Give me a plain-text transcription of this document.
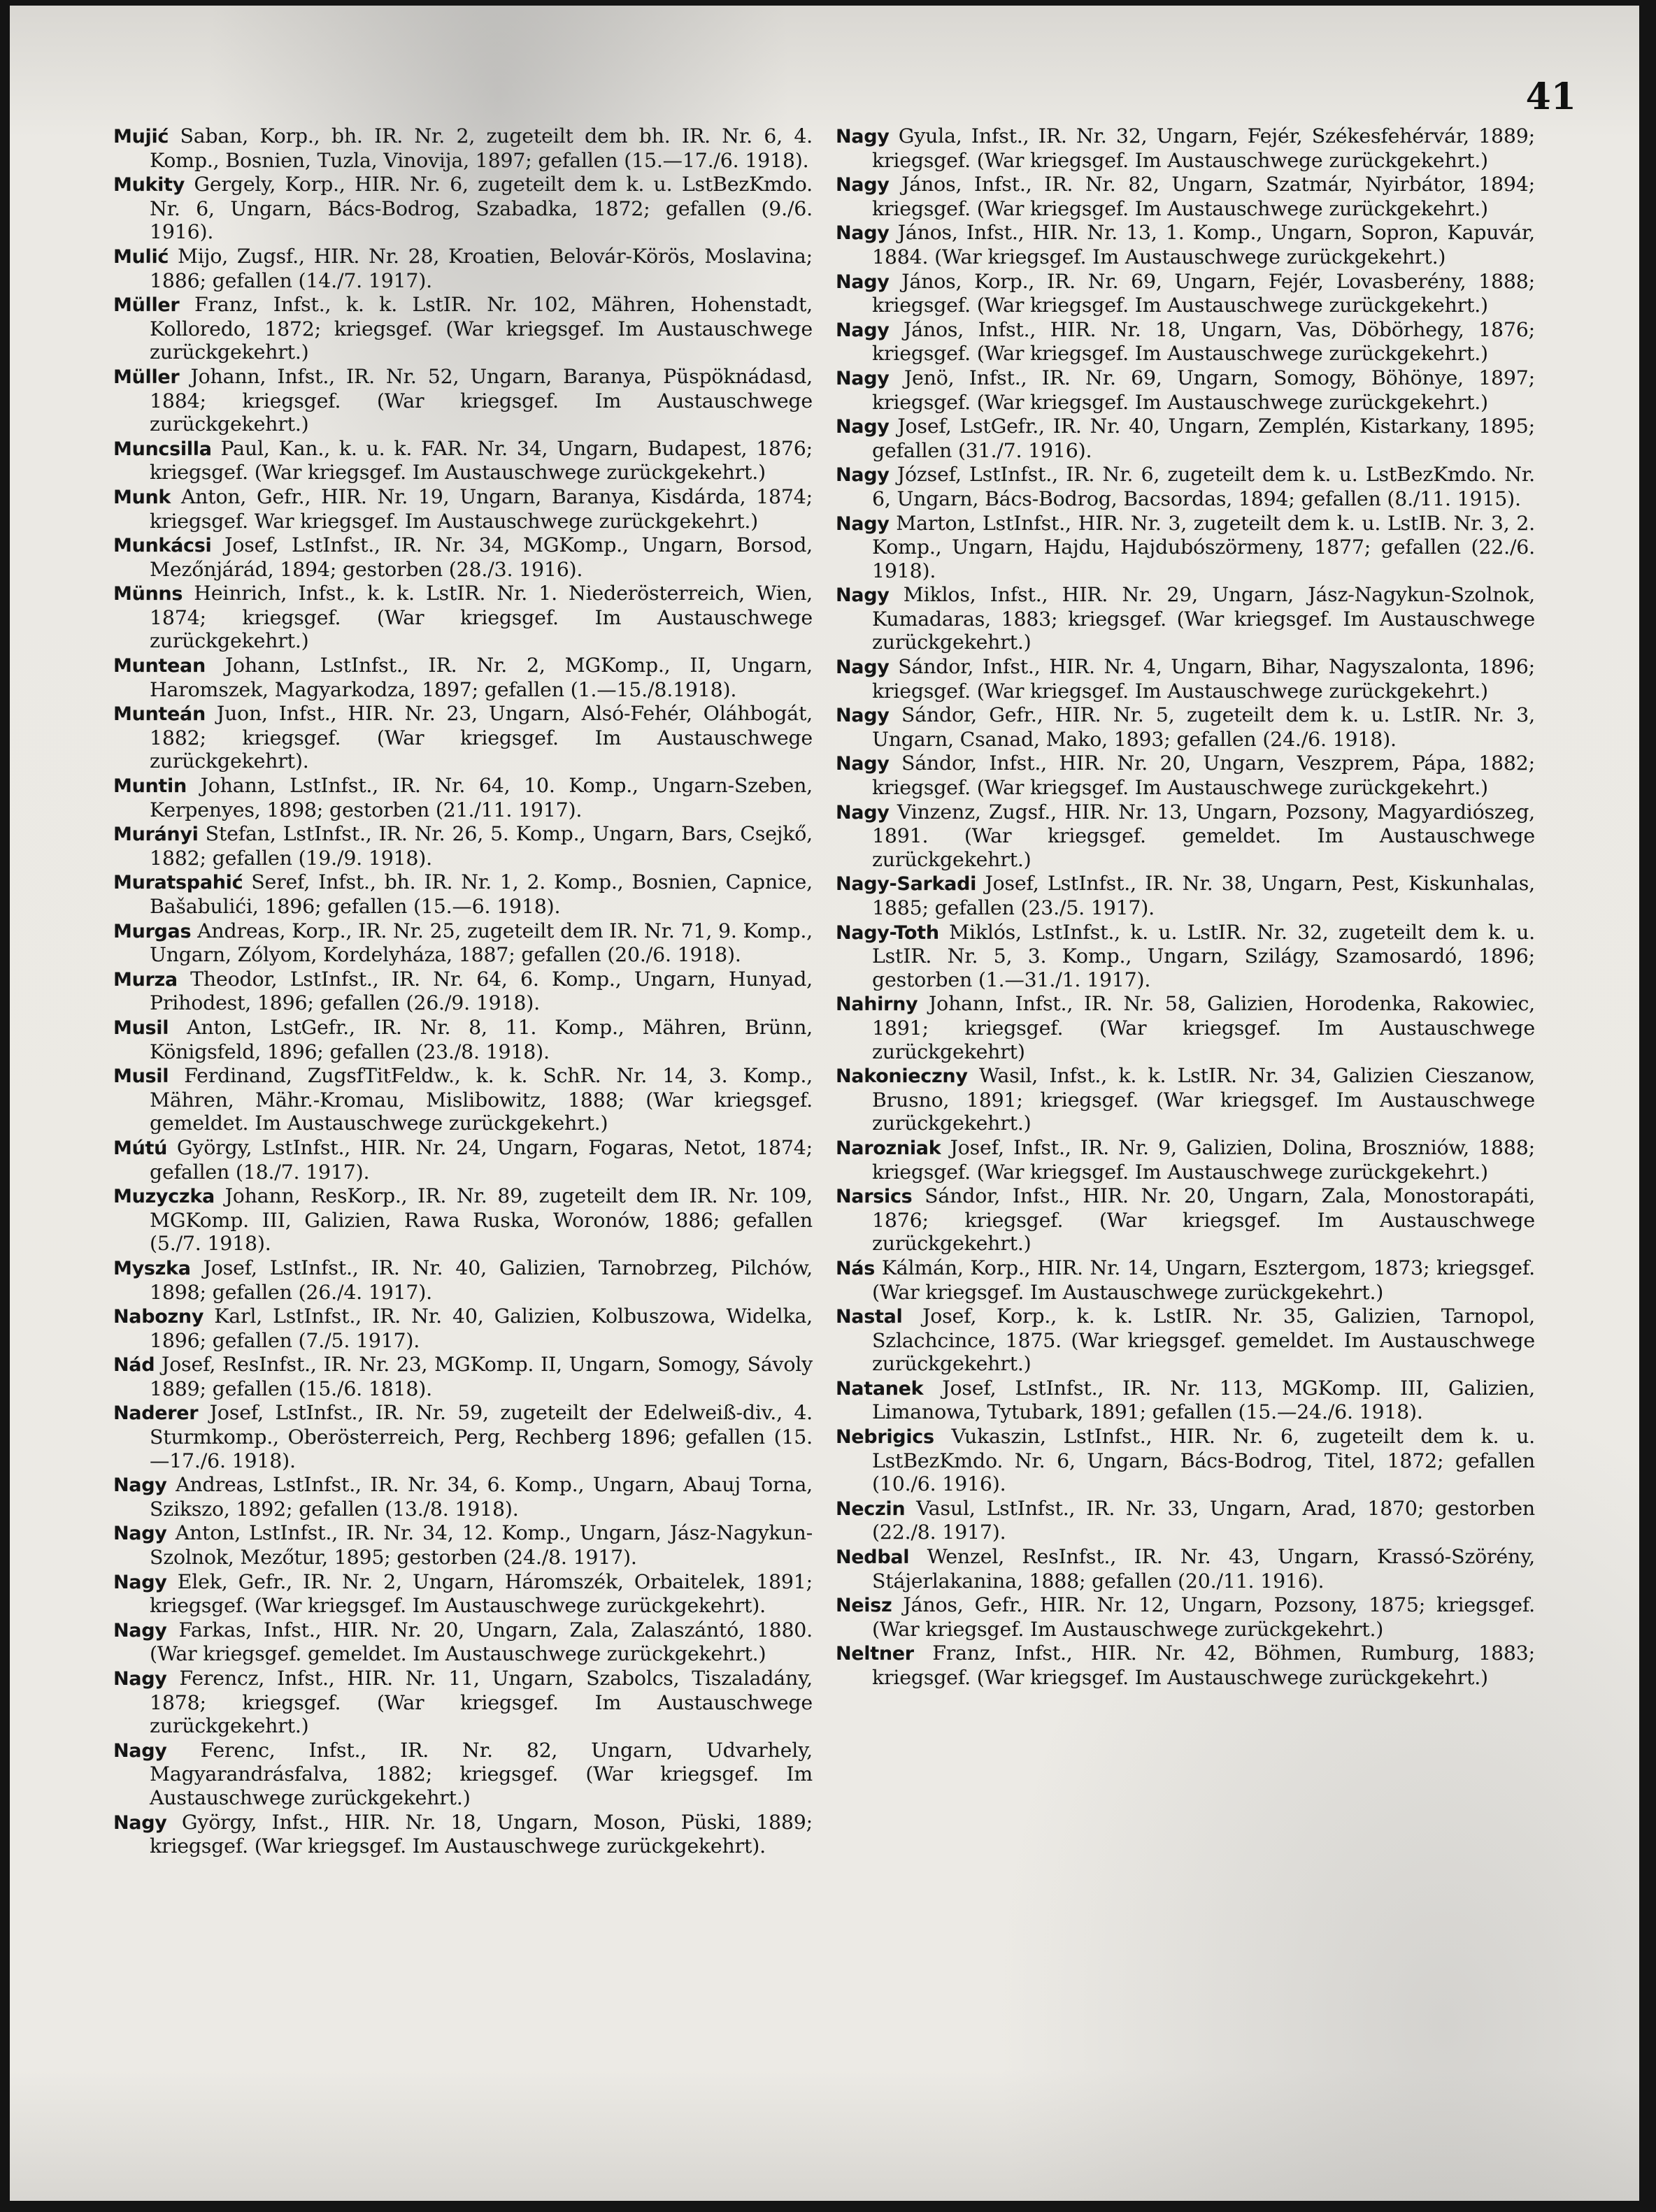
41

Mujić Saban, Korp., bh. IR. Nr. 2, zugeteilt dem bh. IR. Nr. 6, 4. Komp., Bosnien, Tuzla, Vinovija, 1897; gefallen (15.—17./6. 1918).

Mukity Gergely, Korp., HIR. Nr. 6, zugeteilt dem k. u. LstBezKmdo. Nr. 6, Ungarn, Bács-Bodrog, Szabadka, 1872; gefallen (9./6. 1916).

Mulić Mijo, Zugsf., HIR. Nr. 28, Kroatien, Belovár-Körös, Moslavina; 1886; gefallen (14./7. 1917).

Müller Franz, Infst., k. k. LstIR. Nr. 102, Mähren, Hohenstadt, Kolloredo, 1872; kriegsgef. (War kriegsgef. Im Austauschwege zurückgekehrt.)

Müller Johann, Infst., IR. Nr. 52, Ungarn, Baranya, Püspöknádasd, 1884; kriegsgef. (War kriegsgef. Im Austauschwege zurückgekehrt.)

Muncsilla Paul, Kan., k. u. k. FAR. Nr. 34, Ungarn, Budapest, 1876; kriegsgef. (War kriegsgef. Im Austauschwege zurückgekehrt.)

Munk Anton, Gefr., HIR. Nr. 19, Ungarn, Baranya, Kisdárda, 1874; kriegsgef. War kriegsgef. Im Austauschwege zurückgekehrt.)

Munkácsi Josef, LstInfst., IR. Nr. 34, MGKomp., Ungarn, Borsod, Mezőnjárád, 1894; gestorben (28./3. 1916).

Münns Heinrich, Infst., k. k. LstIR. Nr. 1. Niederösterreich, Wien, 1874; kriegsgef. (War kriegsgef. Im Austauschwege zurückgekehrt.)

Muntean Johann, LstInfst., IR. Nr. 2, MGKomp., II, Ungarn, Haromszek, Magyarkodza, 1897; gefallen (1.—15./8.1918).

Munteán Juon, Infst., HIR. Nr. 23, Ungarn, Alsó-Fehér, Oláhbogát, 1882; kriegsgef. (War kriegsgef. Im Austauschwege zurückgekehrt).

Muntin Johann, LstInfst., IR. Nr. 64, 10. Komp., Ungarn-Szeben, Kerpenyes, 1898; gestorben (21./11. 1917).

Murányi Stefan, LstInfst., IR. Nr. 26, 5. Komp., Ungarn, Bars, Csejkő, 1882; gefallen (19./9. 1918).

Muratspahić Seref, Infst., bh. IR. Nr. 1, 2. Komp., Bosnien, Capnice, Bašabulići, 1896; gefallen (15.—6. 1918).

Murgas Andreas, Korp., IR. Nr. 25, zugeteilt dem IR. Nr. 71, 9. Komp., Ungarn, Zólyom, Kordelyháza, 1887; gefallen (20./6. 1918).

Murza Theodor, LstInfst., IR. Nr. 64, 6. Komp., Ungarn, Hunyad, Prihodest, 1896; gefallen (26./9. 1918).

Musil Anton, LstGefr., IR. Nr. 8, 11. Komp., Mähren, Brünn, Königsfeld, 1896; gefallen (23./8. 1918).

Musil Ferdinand, ZugsfTitFeldw., k. k. SchR. Nr. 14, 3. Komp., Mähren, Mähr.-Kromau, Mislibowitz, 1888; (War kriegsgef. gemeldet. Im Austauschwege zurückgekehrt.)

Mútú György, LstInfst., HIR. Nr. 24, Ungarn, Fogaras, Netot, 1874; gefallen (18./7. 1917).

Muzyczka Johann, ResKorp., IR. Nr. 89, zugeteilt dem IR. Nr. 109, MGKomp. III, Galizien, Rawa Ruska, Woronów, 1886; gefallen (5./7. 1918).

Myszka Josef, LstInfst., IR. Nr. 40, Galizien, Tarnobrzeg, Pilchów, 1898; gefallen (26./4. 1917).

Nabozny Karl, LstInfst., IR. Nr. 40, Galizien, Kolbuszowa, Widelka, 1896; gefallen (7./5. 1917).

Nád Josef, ResInfst., IR. Nr. 23, MGKomp. II, Ungarn, Somogy, Sávoly 1889; gefallen (15./6. 1818).

Naderer Josef, LstInfst., IR. Nr. 59, zugeteilt der Edelweiß-div., 4. Sturmkomp., Oberösterreich, Perg, Rechberg 1896; gefallen (15.—17./6. 1918).

Nagy Andreas, LstInfst., IR. Nr. 34, 6. Komp., Ungarn, Abauj Torna, Szikszo, 1892; gefallen (13./8. 1918).

Nagy Anton, LstInfst., IR. Nr. 34, 12. Komp., Ungarn, Jász-Nagykun-Szolnok, Mezőtur, 1895; gestorben (24./8. 1917).

Nagy Elek, Gefr., IR. Nr. 2, Ungarn, Háromszék, Orbaitelek, 1891; kriegsgef. (War kriegsgef. Im Austauschwege zurückgekehrt).

Nagy Farkas, Infst., HIR. Nr. 20, Ungarn, Zala, Zalaszántó, 1880. (War kriegsgef. gemeldet. Im Austauschwege zurückgekehrt.)

Nagy Ferencz, Infst., HIR. Nr. 11, Ungarn, Szabolcs, Tiszaladány, 1878; kriegsgef. (War kriegsgef. Im Austauschwege zurückgekehrt.)

Nagy Ferenc, Infst., IR. Nr. 82, Ungarn, Udvarhely, Magyarandrásfalva, 1882; kriegsgef. (War kriegsgef. Im Austauschwege zurückgekehrt.)

Nagy György, Infst., HIR. Nr. 18, Ungarn, Moson, Püski, 1889; kriegsgef. (War kriegsgef. Im Austauschwege zurückgekehrt).

Nagy Gyula, Infst., IR. Nr. 32, Ungarn, Fejér, Székesfehérvár, 1889; kriegsgef. (War kriegsgef. Im Austauschwege zurückgekehrt.)

Nagy János, Infst., IR. Nr. 82, Ungarn, Szatmár, Nyirbátor, 1894; kriegsgef. (War kriegsgef. Im Austauschwege zurückgekehrt.)

Nagy János, Infst., HIR. Nr. 13, 1. Komp., Ungarn, Sopron, Kapuvár, 1884. (War kriegsgef. Im Austauschwege zurückgekehrt.)

Nagy János, Korp., IR. Nr. 69, Ungarn, Fejér, Lovasberény, 1888; kriegsgef. (War kriegsgef. Im Austauschwege zurückgekehrt.)

Nagy János, Infst., HIR. Nr. 18, Ungarn, Vas, Döbörhegy, 1876; kriegsgef. (War kriegsgef. Im Austauschwege zurückgekehrt.)

Nagy Jenö, Infst., IR. Nr. 69, Ungarn, Somogy, Böhönye, 1897; kriegsgef. (War kriegsgef. Im Austauschwege zurückgekehrt.)

Nagy Josef, LstGefr., IR. Nr. 40, Ungarn, Zemplén, Kistarkany, 1895; gefallen (31./7. 1916).

Nagy József, LstInfst., IR. Nr. 6, zugeteilt dem k. u. LstBezKmdo. Nr. 6, Ungarn, Bács-Bodrog, Bacsordas, 1894; gefallen (8./11. 1915).

Nagy Marton, LstInfst., HIR. Nr. 3, zugeteilt dem k. u. LstIB. Nr. 3, 2. Komp., Ungarn, Hajdu, Hajdubószörmeny, 1877; gefallen (22./6. 1918).

Nagy Miklos, Infst., HIR. Nr. 29, Ungarn, Jász-Nagykun-Szolnok, Kumadaras, 1883; kriegsgef. (War kriegsgef. Im Austauschwege zurückgekehrt.)

Nagy Sándor, Infst., HIR. Nr. 4, Ungarn, Bihar, Nagyszalonta, 1896; kriegsgef. (War kriegsgef. Im Austauschwege zurückgekehrt.)

Nagy Sándor, Gefr., HIR. Nr. 5, zugeteilt dem k. u. LstIR. Nr. 3, Ungarn, Csanad, Mako, 1893; gefallen (24./6. 1918).

Nagy Sándor, Infst., HIR. Nr. 20, Ungarn, Veszprem, Pápa, 1882; kriegsgef. (War kriegsgef. Im Austauschwege zurückgekehrt.)

Nagy Vinzenz, Zugsf., HIR. Nr. 13, Ungarn, Pozsony, Magyardiószeg, 1891. (War kriegsgef. gemeldet. Im Austauschwege zurückgekehrt.)

Nagy-Sarkadi Josef, LstInfst., IR. Nr. 38, Ungarn, Pest, Kiskunhalas, 1885; gefallen (23./5. 1917).

Nagy-Toth Miklós, LstInfst., k. u. LstIR. Nr. 32, zugeteilt dem k. u. LstIR. Nr. 5, 3. Komp., Ungarn, Szilágy, Szamosardó, 1896; gestorben (1.—31./1. 1917).

Nahirny Johann, Infst., IR. Nr. 58, Galizien, Horodenka, Rakowiec, 1891; kriegsgef. (War kriegsgef. Im Austauschwege zurückgekehrt)

Nakonieczny Wasil, Infst., k. k. LstIR. Nr. 34, Galizien Cieszanow, Brusno, 1891; kriegsgef. (War kriegsgef. Im Austauschwege zurückgekehrt.)

Narozniak Josef, Infst., IR. Nr. 9, Galizien, Dolina, Broszniów, 1888; kriegsgef. (War kriegsgef. Im Austauschwege zurückgekehrt.)

Narsics Sándor, Infst., HIR. Nr. 20, Ungarn, Zala, Monostorapáti, 1876; kriegsgef. (War kriegsgef. Im Austauschwege zurückgekehrt.)

Nás Kálmán, Korp., HIR. Nr. 14, Ungarn, Esztergom, 1873; kriegsgef. (War kriegsgef. Im Austauschwege zurückgekehrt.)

Nastal Josef, Korp., k. k. LstIR. Nr. 35, Galizien, Tarnopol, Szlachcince, 1875. (War kriegsgef. gemeldet. Im Austauschwege zurückgekehrt.)

Natanek Josef, LstInfst., IR. Nr. 113, MGKomp. III, Galizien, Limanowa, Tytubark, 1891; gefallen (15.—24./6. 1918).

Nebrigics Vukaszin, LstInfst., HIR. Nr. 6, zugeteilt dem k. u. LstBezKmdo. Nr. 6, Ungarn, Bács-Bodrog, Titel, 1872; gefallen (10./6. 1916).

Neczin Vasul, LstInfst., IR. Nr. 33, Ungarn, Arad, 1870; gestorben (22./8. 1917).

Nedbal Wenzel, ResInfst., IR. Nr. 43, Ungarn, Krassó-Szörény, Stájerlakanina, 1888; gefallen (20./11. 1916).

Neisz János, Gefr., HIR. Nr. 12, Ungarn, Pozsony, 1875; kriegsgef. (War kriegsgef. Im Austauschwege zurückgekehrt.)

Neltner Franz, Infst., HIR. Nr. 42, Böhmen, Rumburg, 1883; kriegsgef. (War kriegsgef. Im Austauschwege zurückgekehrt.)
